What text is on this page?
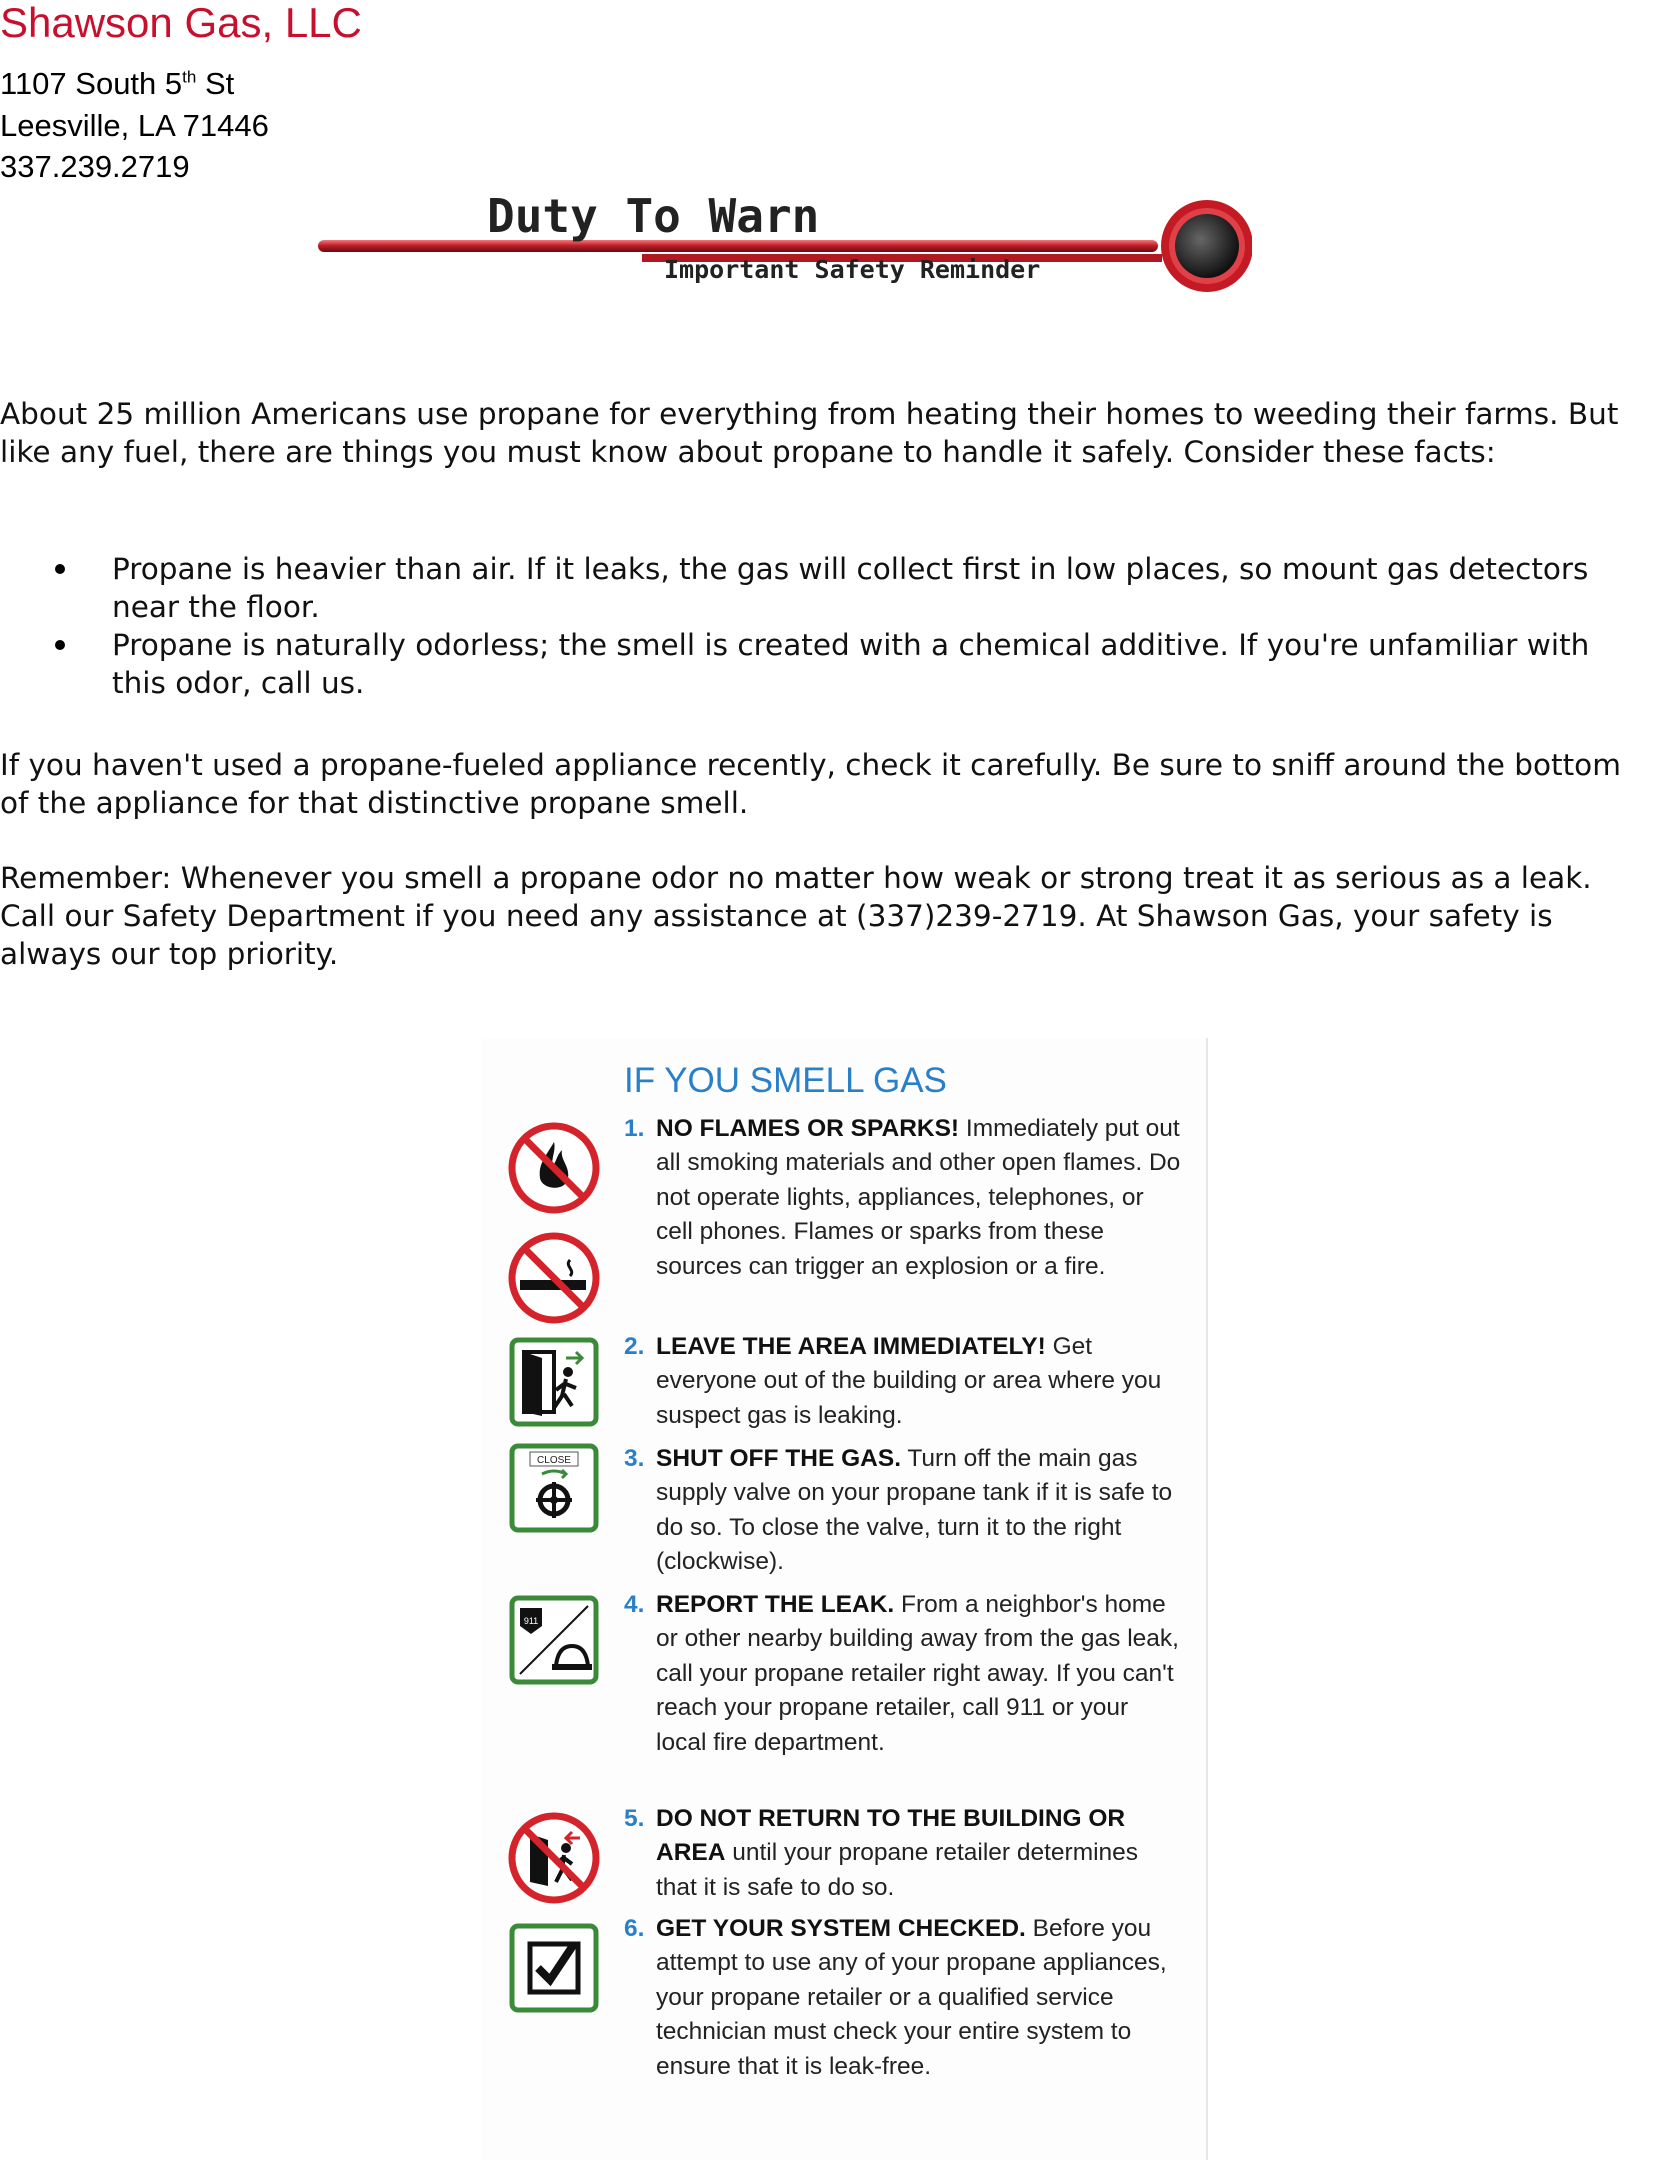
Shawson Gas, LLC
1107 South 5th St
Leesville, LA 71446
337.239.2719
Duty To Warn
Important Safety Reminder

About 25 million Americans use propane for everything from heating their homes to weeding their farms. But like any fuel, there are things you must know about propane to handle it safely. Consider these facts:

Propane is heavier than air. If it leaks, the gas will collect first in low places, so mount gas detectors near the floor.
Propane is naturally odorless; the smell is created with a chemical additive. If you're unfamiliar with this odor, call us.

If you haven't used a propane-fueled appliance recently, check it carefully. Be sure to sniff around the bottom of the appliance for that distinctive propane smell.

Remember: Whenever you smell a propane odor no matter how weak or strong treat it as serious as a leak. Call our Safety Department if you need any assistance at (337)239-2719. At Shawson Gas, your safety is always our top priority.

IF YOU SMELL GAS
CLOSE
911
1. NO FLAMES OR SPARKS! Immediately put out all smoking materials and other open flames. Do not operate lights, appliances, telephones, or cell phones. Flames or sparks from these sources can trigger an explosion or a fire.
2. LEAVE THE AREA IMMEDIATELY! Get everyone out of the building or area where you suspect gas is leaking.
3. SHUT OFF THE GAS. Turn off the main gas supply valve on your propane tank if it is safe to do so. To close the valve, turn it to the right (clockwise).
4. REPORT THE LEAK. From a neighbor's home or other nearby building away from the gas leak, call your propane retailer right away. If you can't reach your propane retailer, call 911 or your local fire department.
5. DO NOT RETURN TO THE BUILDING OR AREA until your propane retailer determines that it is safe to do so.
6. GET YOUR SYSTEM CHECKED. Before you attempt to use any of your propane appliances, your propane retailer or a qualified service technician must check your entire system to ensure that it is leak-free.
